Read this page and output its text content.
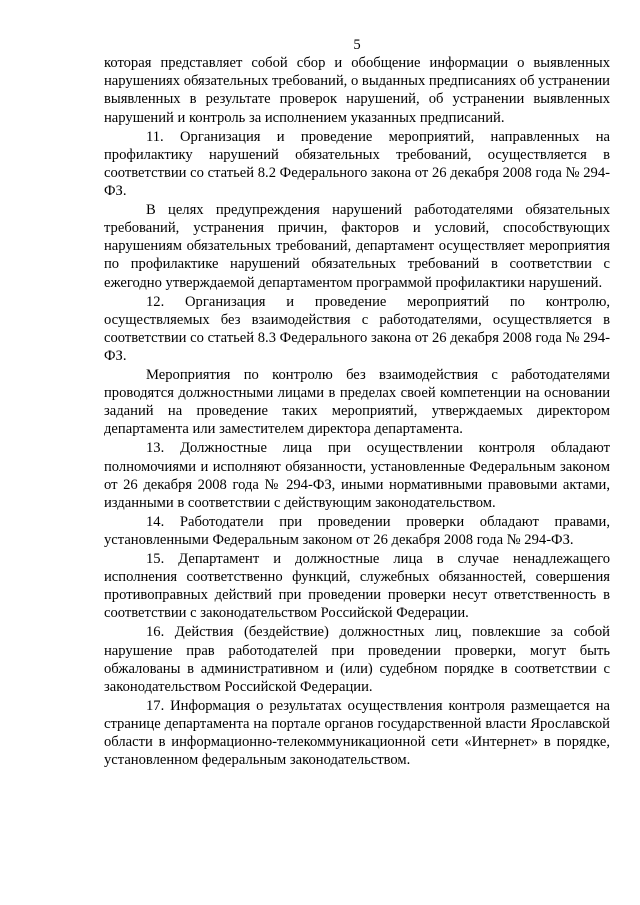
5

которая представляет собой сбор и обобщение информации о выявленных нарушениях обязательных требований, о выданных предписаниях об устранении выявленных в результате проверок нарушений, об устранении выявленных нарушений и контроль за исполнением указанных предписаний.

11. Организация и проведение мероприятий, направленных на профилактику нарушений обязательных требований, осуществляется в соответствии со статьей 8.2 Федерального закона от 26 декабря 2008 года № 294-ФЗ.

В целях предупреждения нарушений работодателями обязательных требований, устранения причин, факторов и условий, способствующих нарушениям обязательных требований, департамент осуществляет мероприятия по профилактике нарушений обязательных требований в соответствии с ежегодно утверждаемой департаментом программой профилактики нарушений.

12. Организация и проведение мероприятий по контролю, осуществляемых без взаимодействия с работодателями, осуществляется в соответствии со статьей 8.3 Федерального закона от 26 декабря 2008 года № 294-ФЗ.

Мероприятия по контролю без взаимодействия с работодателями проводятся должностными лицами в пределах своей компетенции на основании заданий на проведение таких мероприятий, утверждаемых директором департамента или заместителем директора департамента.

13. Должностные лица при осуществлении контроля обладают полномочиями и исполняют обязанности, установленные Федеральным законом от 26 декабря 2008 года № 294-ФЗ, иными нормативными правовыми актами, изданными в соответствии с действующим законодательством.

14. Работодатели при проведении проверки обладают правами, установленными Федеральным законом от 26 декабря 2008 года № 294-ФЗ.

15. Департамент и должностные лица в случае ненадлежащего исполнения соответственно функций, служебных обязанностей, совершения противоправных действий при проведении проверки несут ответственность в соответствии с законодательством Российской Федерации.

16. Действия (бездействие) должностных лиц, повлекшие за собой нарушение прав работодателей при проведении проверки, могут быть обжалованы в административном и (или) судебном порядке в соответствии с законодательством Российской Федерации.

17. Информация о результатах осуществления контроля размещается на странице департамента на портале органов государственной власти Ярославской области в информационно-телекоммуникационной сети «Интернет» в порядке, установленном федеральным законодательством.
